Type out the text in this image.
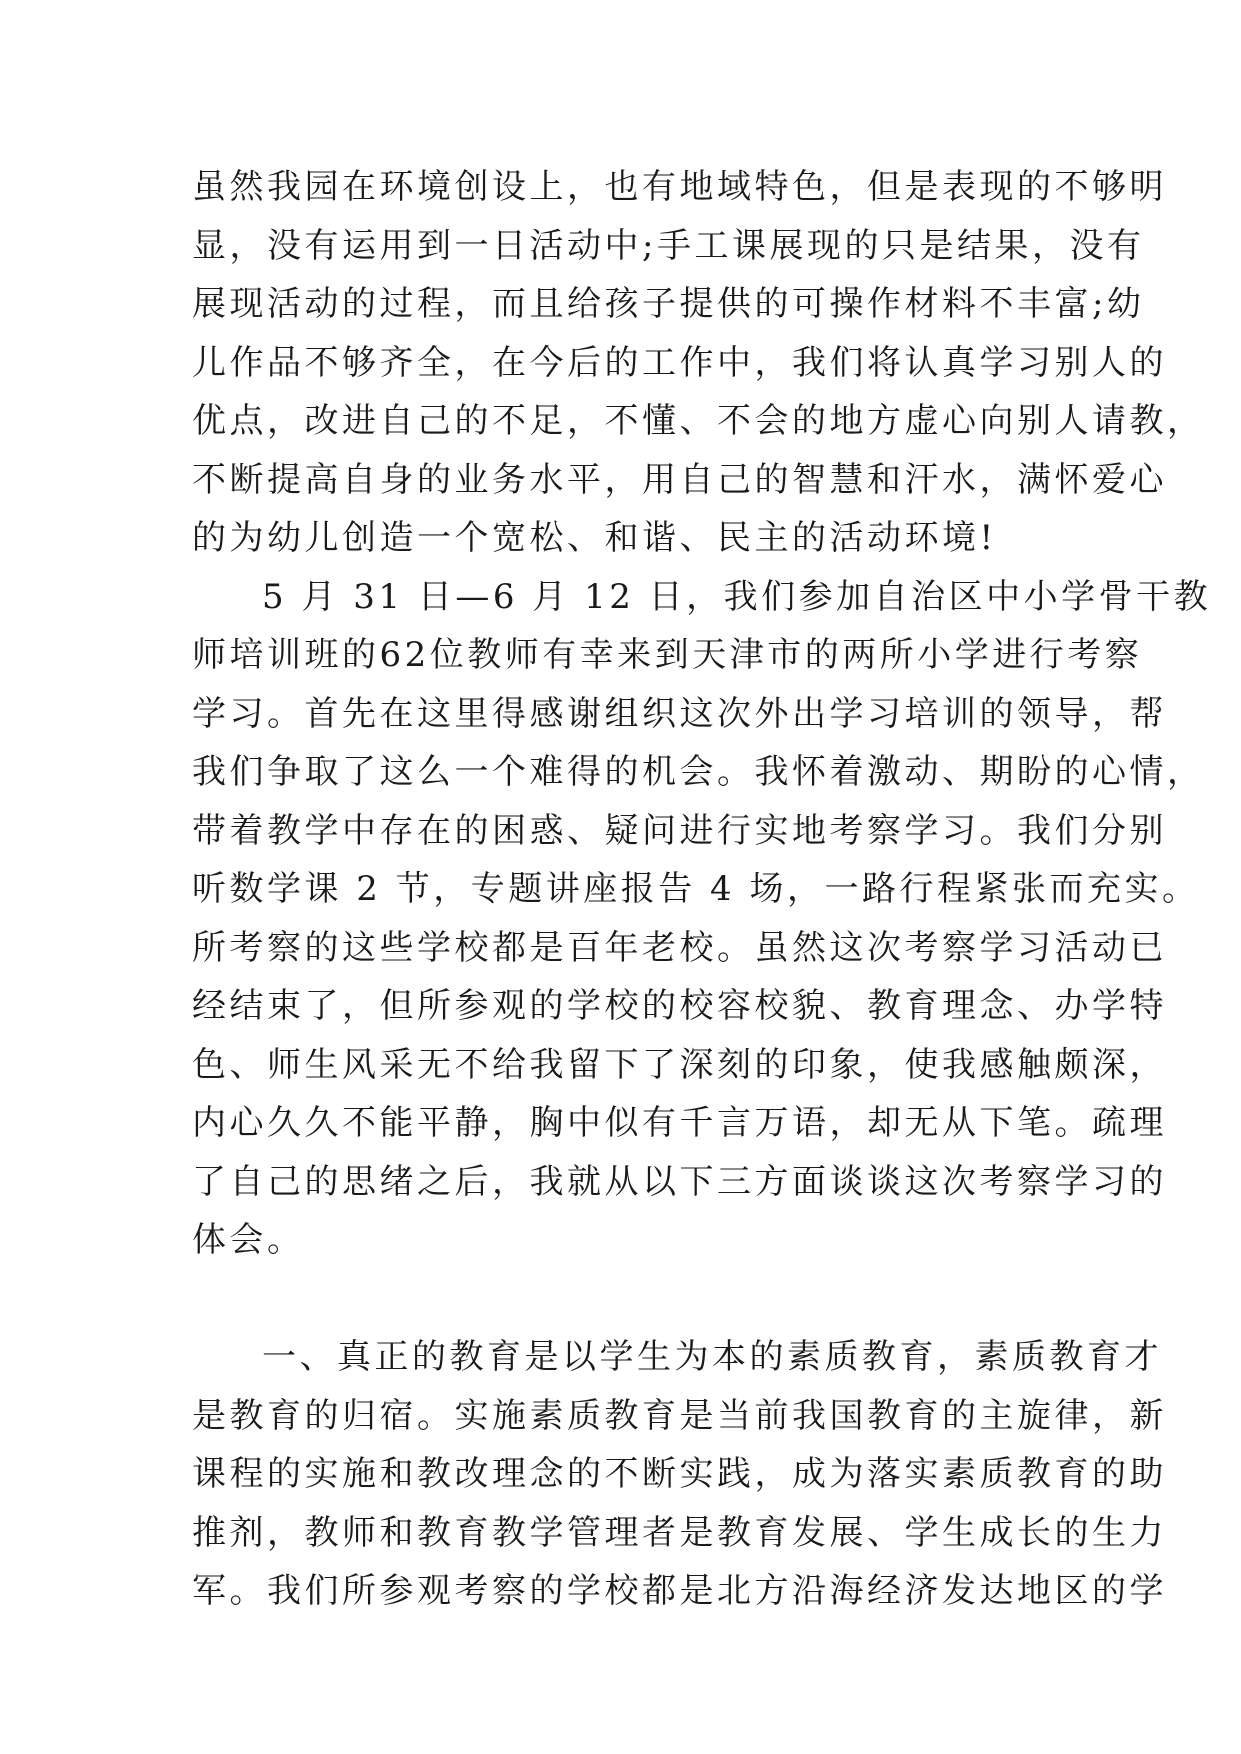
虽然我园在环境创设上，也有地域特色，但是表现的不够明
显，没有运用到一日活动中;手工课展现的只是结果，没有
展现活动的过程，而且给孩子提供的可操作材料不丰富;幼
儿作品不够齐全，在今后的工作中，我们将认真学习别人的
优点，改进自己的不足，不懂、不会的地方虚心向别人请教，
不断提高自身的业务水平，用自己的智慧和汗水，满怀爱心
的为幼儿创造一个宽松、和谐、民主的活动环境!
5 月 31 日—6 月 12 日，我们参加自治区中小学骨干教
师培训班的62位教师有幸来到天津市的两所小学进行考察
学习。首先在这里得感谢组织这次外出学习培训的领导，帮
我们争取了这么一个难得的机会。我怀着激动、期盼的心情，
带着教学中存在的困惑、疑问进行实地考察学习。我们分别
听数学课 2 节，专题讲座报告 4 场，一路行程紧张而充实。
所考察的这些学校都是百年老校。虽然这次考察学习活动已
经结束了，但所参观的学校的校容校貌、教育理念、办学特
色、师生风采无不给我留下了深刻的印象，使我感触颇深，
内心久久不能平静，胸中似有千言万语，却无从下笔。疏理
了自己的思绪之后，我就从以下三方面谈谈这次考察学习的
体会。
一、真正的教育是以学生为本的素质教育，素质教育才
是教育的归宿。实施素质教育是当前我国教育的主旋律，新
课程的实施和教改理念的不断实践，成为落实素质教育的助
推剂，教师和教育教学管理者是教育发展、学生成长的生力
军。我们所参观考察的学校都是北方沿海经济发达地区的学
